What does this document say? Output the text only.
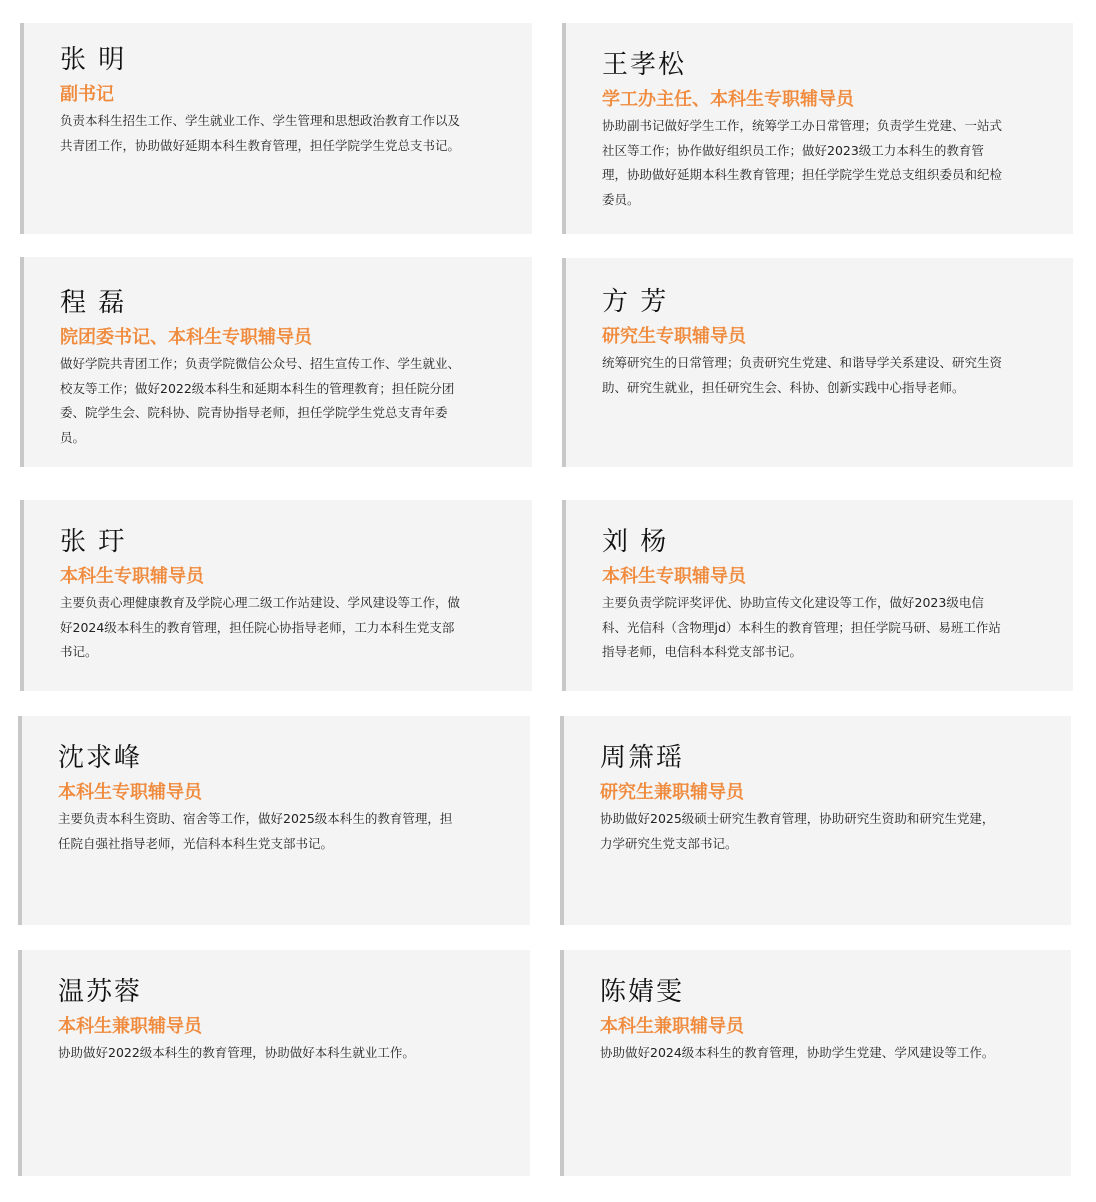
张 明
副书记
负责本科生招生工作、学生就业工作、学生管理和思想政治教育工作以及共青团工作，协助做好延期本科生教育管理，担任学院学生党总支书记。
王孝松
学工办主任、本科生专职辅导员
协助副书记做好学生工作，统筹学工办日常管理；负责学生党建、一站式社区等工作；协作做好组织员工作；做好2023级工力本科生的教育管理，协助做好延期本科生教育管理；担任学院学生党总支组织委员和纪检委员。
程 磊
院团委书记、本科生专职辅导员
做好学院共青团工作；负责学院微信公众号、招生宣传工作、学生就业、校友等工作；做好2022级本科生和延期本科生的管理教育；担任院分团委、院学生会、院科协、院青协指导老师，担任学院学生党总支青年委员。
方 芳
研究生专职辅导员
统筹研究生的日常管理；负责研究生党建、和谐导学关系建设、研究生资助、研究生就业，担任研究生会、科协、创新实践中心指导老师。
张 玗
本科生专职辅导员
主要负责心理健康教育及学院心理二级工作站建设、学风建设等工作，做好2024级本科生的教育管理，担任院心协指导老师，工力本科生党支部书记。
刘 杨
本科生专职辅导员
主要负责学院评奖评优、协助宣传文化建设等工作，做好2023级电信科、光信科（含物理jd）本科生的教育管理；担任学院马研、易班工作站指导老师，电信科本科党支部书记。
沈求峰
本科生专职辅导员
主要负责本科生资助、宿舍等工作，做好2025级本科生的教育管理，担任院自强社指导老师，光信科本科生党支部书记。
周箫瑶
研究生兼职辅导员
协助做好2025级硕士研究生教育管理，协助研究生资助和研究生党建，力学研究生党支部书记。
温苏蓉
本科生兼职辅导员
协助做好2022级本科生的教育管理，协助做好本科生就业工作。
陈婧雯
本科生兼职辅导员
协助做好2024级本科生的教育管理，协助学生党建、学风建设等工作。
